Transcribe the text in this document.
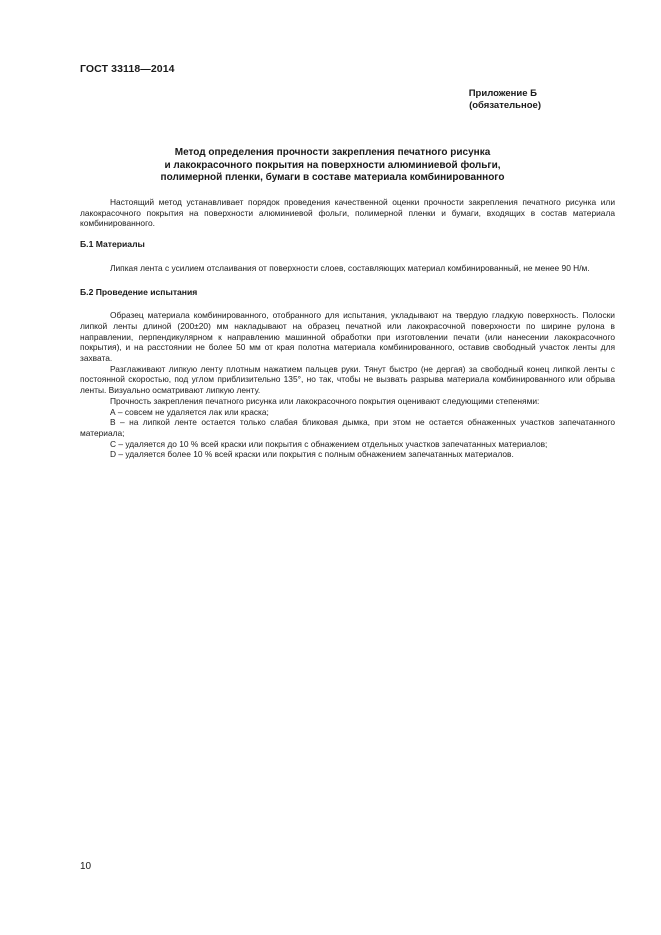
ГОСТ 33118—2014
Приложение Б
(обязательное)
Метод определения прочности закрепления печатного рисунка
и лакокрасочного покрытия на поверхности алюминиевой фольги,
полимерной пленки, бумаги в составе материала комбинированного

Настоящий метод устанавливает порядок проведения качественной оценки прочности закрепления печатного рисунка или лакокрасочного покрытия на поверхности алюминиевой фольги, полимерной пленки и бумаги, входящих в состав материала комбинированного.

Б.1 Материалы

Липкая лента с усилием отслаивания от поверхности слоев, составляющих материал комбинированный, не менее 90 Н/м.

Б.2 Проведение испытания

Образец материала комбинированного, отобранного для испытания, укладывают на твердую гладкую поверхность. Полоски липкой ленты длиной (200±20) мм накладывают на образец печатной или лакокрасочной поверхности по ширине рулона в направлении, перпендикулярном к направлению машинной обработки при изготовлении печати (или нанесении лакокрасочного покрытия), и на расстоянии не более 50 мм от края полотна материала комбинированного, оставив свободный участок ленты для захвата.

Разглаживают липкую ленту плотным нажатием пальцев руки. Тянут быстро (не дергая) за свободный конец липкой ленты с постоянной скоростью, под углом приблизительно 135°, но так, чтобы не вызвать разрыва материала комбинированного или обрыва ленты. Визуально осматривают липкую ленту.

Прочность закрепления печатного рисунка или лакокрасочного покрытия оценивают следующими степенями:

А – совсем не удаляется лак или краска;

В – на липкой ленте остается только слабая бликовая дымка, при этом не остается обнаженных участков запечатанного материала;

С – удаляется до 10 % всей краски или покрытия с обнажением отдельных участков запечатанных материалов;

D – удаляется более 10 % всей краски или покрытия с полным обнажением запечатанных материалов.

10
